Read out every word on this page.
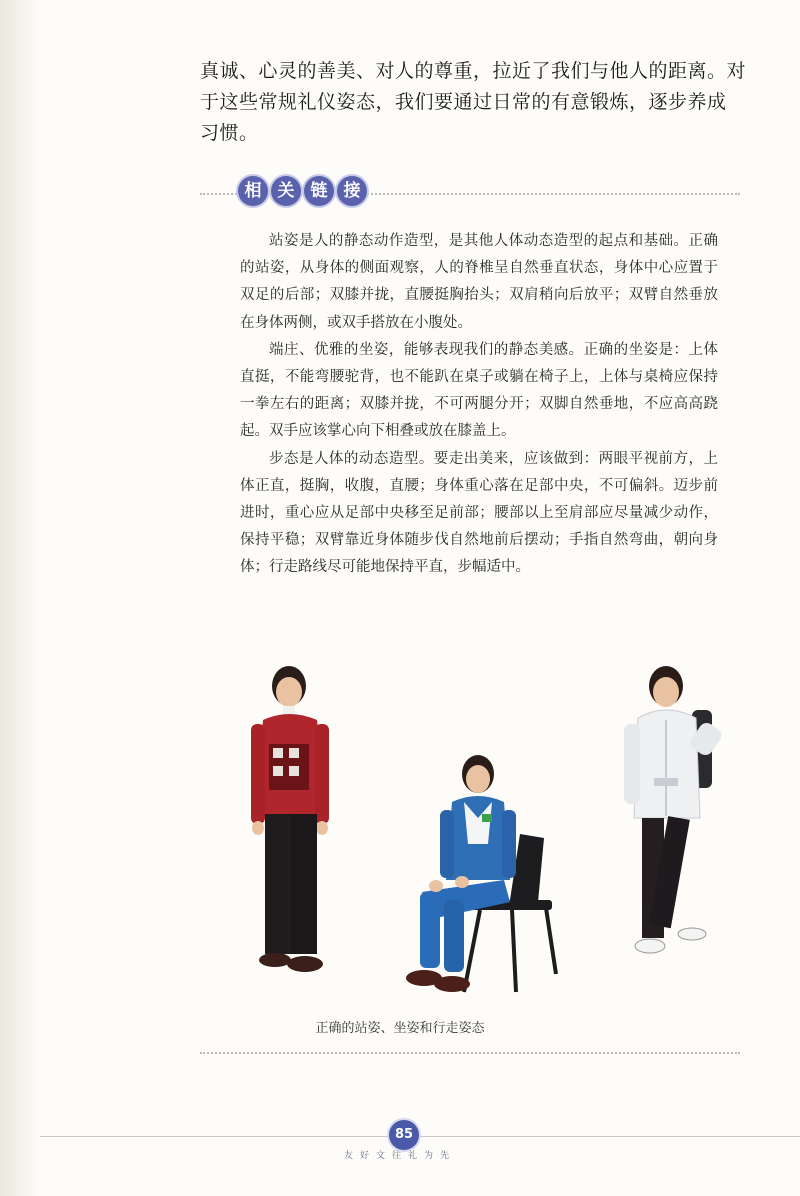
真诚、心灵的善美、对人的尊重，拉近了我们与他人的距离。对

于这些常规礼仪姿态，我们要通过日常的有意锻炼，逐步养成

习惯。

相 关 链 接

站姿是人的静态动作造型，是其他人体动态造型的起点和基础。正确的站姿，从身体的侧面观察，人的脊椎呈自然垂直状态，身体中心应置于双足的后部；双膝并拢，直腰挺胸抬头；双肩稍向后放平；双臂自然垂放在身体两侧，或双手搭放在小腹处。

端庄、优雅的坐姿，能够表现我们的静态美感。正确的坐姿是：上体直挺，不能弯腰驼背，也不能趴在桌子或躺在椅子上，上体与桌椅应保持一拳左右的距离；双膝并拢，不可两腿分开；双脚自然垂地，不应高高跷起。双手应该掌心向下相叠或放在膝盖上。

步态是人体的动态造型。要走出美来，应该做到：两眼平视前方，上体正直，挺胸，收腹，直腰；身体重心落在足部中央，不可偏斜。迈步前进时，重心应从足部中央移至足前部；腰部以上至肩部应尽量减少动作，保持平稳；双臂靠近身体随步伐自然地前后摆动；手指自然弯曲，朝向身体；行走路线尽可能地保持平直，步幅适中。

正确的站姿、坐姿和行走姿态
85
友好文往礼为先
